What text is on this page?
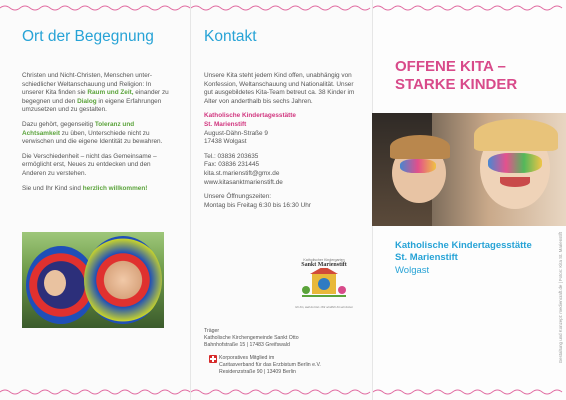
Ort der Begegnung

Christen und Nicht-Christen, Menschen unterschiedlicher Weltanschauung und Religion: In unserer Kita finden sie Raum und Zeit, einander zu begegnen und den Dialog in eigene Erfahrungen umzusetzen und zu gestalten.

Dazu gehört, gegenseitig Toleranz und Achtsamkeit zu üben, Unterschiede nicht zu verwischen und die eigene Identität zu bewahren.

Die Verschiedenheit – nicht das Gemeinsame – ermöglicht erst, Neues zu entdecken und den Anderen zu verstehen.

Sie und Ihr Kind sind herzlich willkommen!

Kontakt

Unsere Kita steht jedem Kind offen, unabhängig von Konfession, Weltanschauung und Nationalität. Unser gut ausgebildetes Kita-Team betreut ca. 38 Kinder im Alter von anderthalb bis sechs Jahren.

Katholische Kindertagesstätte
St. Marienstift
August-Dähn-Straße 9
17438 Wolgast
Tel.: 03836 203635
Fax: 03836 231445
kita.st.marienstift@gmx.de
www.kitasanktmarienstift.de
Unsere Öffnungszeiten:
Montag bis Freitag 6:30 bis 16:30 Uhr
Katholischer Kindergarten
Sankt Marienstift
Ich bin, weil du bist • Wir sind/Ich bin wir ferner
Träger
Katholische Kirchengemeinde Sankt Otto
Bahnhofstraße 15 | 17483 Greifswald
Korporatives Mitglied im
Caritasverband für das Erzbistum Berlin e.V.
Residenzstraße 90 | 13409 Berlin
OFFENE KITA –
STARKE KINDER
Katholische Kindertagesstätte
St. Marienstift
Wolgast	Gestaltung und Konzept: mediencraft.de | Fotos: Kita St. Marienstift
